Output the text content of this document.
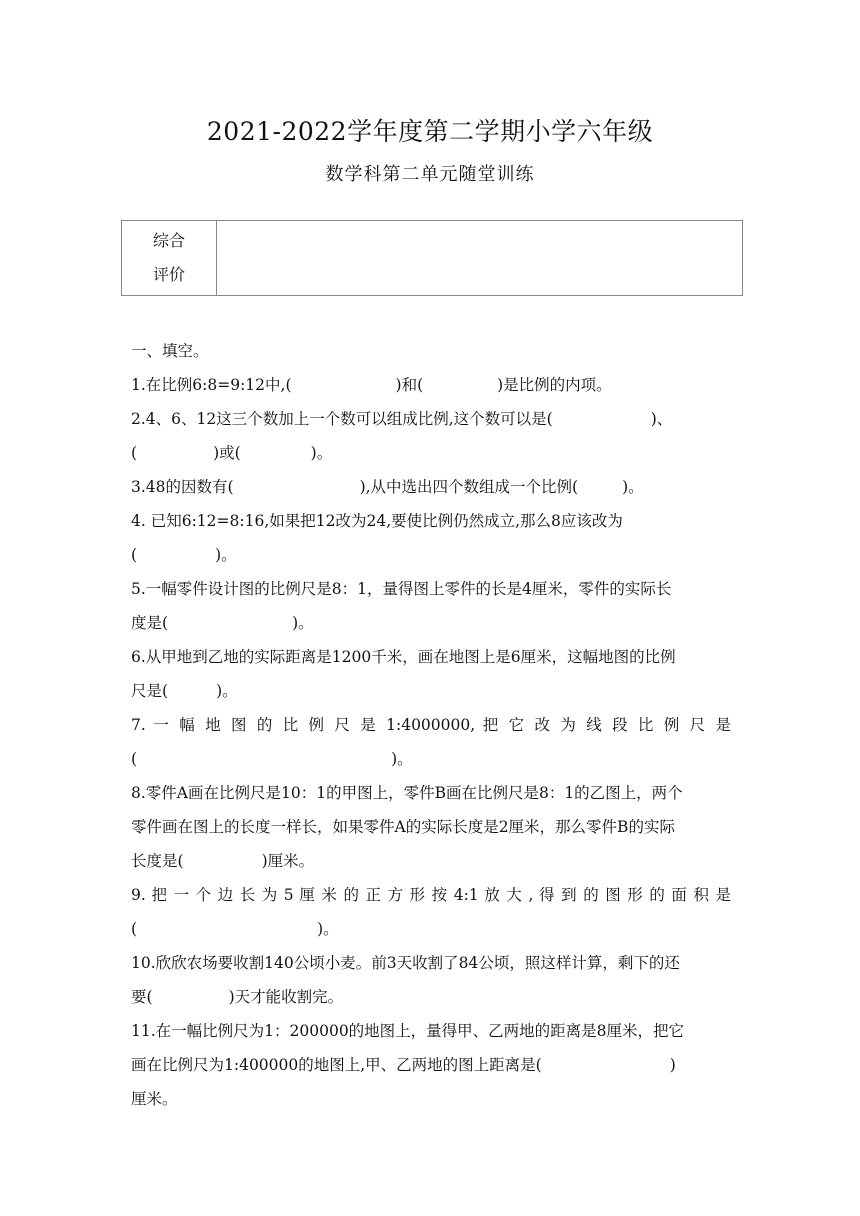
2021-2022学年度第二学期小学六年级
数学科第二单元随堂训练
综合
评价
一、填空。
1.在比例6:8=9:12中,(	)和(	)是比例的内项。
2.4、6、12这三个数加上一个数可以组成比例,这个数可以是(	)、
(	)或(	)。
3.48的因数有(	),从中选出四个数组成一个比例(	)。
4. 已知6:12=8:16,如果把12改为24,要使比例仍然成立,那么8应该改为
(	)。
5.一幅零件设计图的比例尺是8：1，量得图上零件的长是4厘米，零件的实际长
度是(	)。
6.从甲地到乙地的实际距离是1200千米，画在地图上是6厘米，这幅地图的比例
尺是(	)。
7. 一 幅 地 图 的 比 例 尺 是 1:4000000, 把 它 改 为 线 段 比 例 尺 是
(	)。
8.零件A画在比例尺是10：1的甲图上，零件B画在比例尺是8：1的乙图上，两个
零件画在图上的长度一样长，如果零件A的实际长度是2厘米，那么零件B的实际
长度是(	)厘米。
9. 把 一 个 边 长 为 5 厘 米 的 正 方 形 按 4:1 放 大 , 得 到 的 图 形 的 面 积 是
(	)。
10.欣欣农场要收割140公顷小麦。前3天收割了84公顷，照这样计算，剩下的还
要(	)天才能收割完。
11.在一幅比例尺为1：200000的地图上，量得甲、乙两地的距离是8厘米，把它
画在比例尺为1:400000的地图上,甲、乙两地的图上距离是(	)
厘米。
